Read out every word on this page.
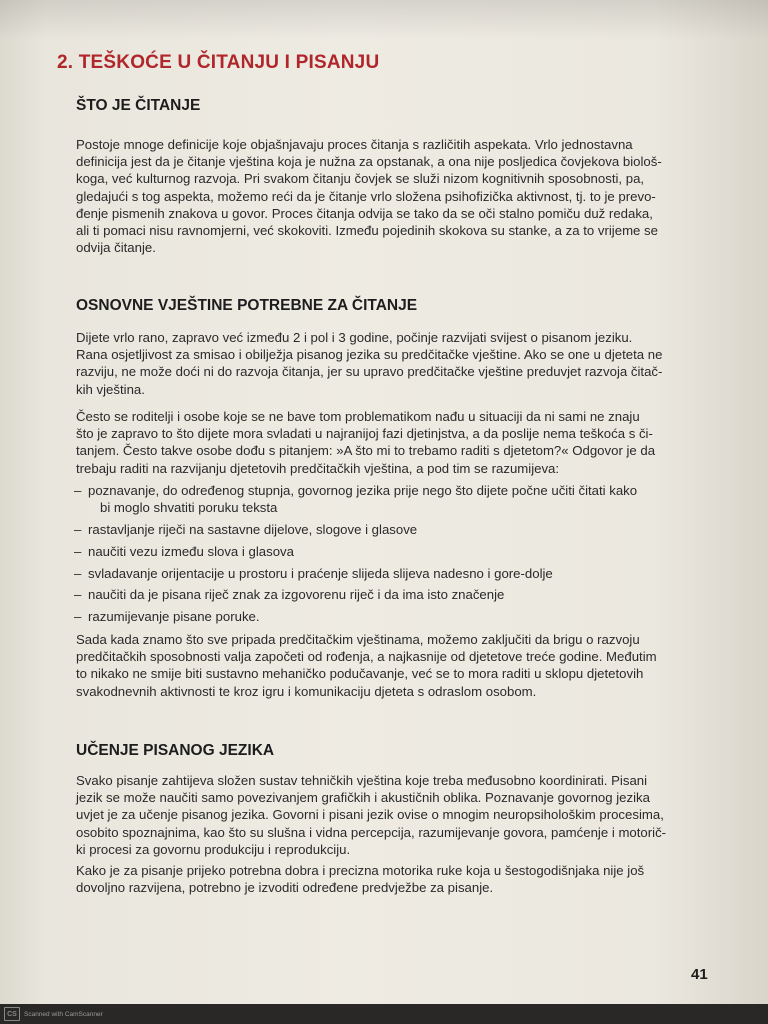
2. TEŠKOĆE U ČITANJU I PISANJU
ŠTO JE ČITANJE
Postoje mnoge definicije koje objašnjavaju proces čitanja s različitih aspekata. Vrlo jednostavna
definicija jest da je čitanje vještina koja je nužna za opstanak, a ona nije posljedica čovjekova biološ-
koga, već kulturnog razvoja. Pri svakom čitanju čovjek se služi nizom kognitivnih sposobnosti, pa,
gledajući s tog aspekta, možemo reći da je čitanje vrlo složena psihofizička aktivnost, tj. to je prevo-
đenje pismenih znakova u govor. Proces čitanja odvija se tako da se oči stalno pomiču duž redaka,
ali ti pomaci nisu ravnomjerni, već skokoviti. Između pojedinih skokova su stanke, a za to vrijeme se
odvija čitanje.
OSNOVNE VJEŠTINE POTREBNE ZA ČITANJE
Dijete vrlo rano, zapravo već između 2 i pol i 3 godine, počinje razvijati svijest o pisanom jeziku.
Rana osjetljivost za smisao i obilježja pisanog jezika su predčitačke vještine. Ako se one u djeteta ne
razviju, ne može doći ni do razvoja čitanja, jer su upravo predčitačke vještine preduvjet razvoja čitač-
kih vještina.
Često se roditelji i osobe koje se ne bave tom problematikom nađu u situaciji da ni sami ne znaju
što je zapravo to što dijete mora svladati u najranijoj fazi djetinjstva, a da poslije nema teškoća s či-
tanjem. Često takve osobe dođu s pitanjem: »A što mi to trebamo raditi s djetetom?« Odgovor je da
trebaju raditi na razvijanju djetetovih predčitačkih vještina, a pod tim se razumijeva:
– poznavanje, do određenog stupnja, govornog jezika prije nego što dijete počne učiti čitati kako
bi moglo shvatiti poruku teksta
– rastavljanje riječi na sastavne dijelove, slogove i glasove
– naučiti vezu između slova i glasova
– svladavanje orijentacije u prostoru i praćenje slijeda slijeva nadesno i gore-dolje
– naučiti da je pisana riječ znak za izgovorenu riječ i da ima isto značenje
– razumijevanje pisane poruke.
Sada kada znamo što sve pripada predčitačkim vještinama, možemo zaključiti da brigu o razvoju
predčitačkih sposobnosti valja započeti od rođenja, a najkasnije od djetetove treće godine. Međutim
to nikako ne smije biti sustavno mehaničko podučavanje, već se to mora raditi u sklopu djetetovih
svakodnevnih aktivnosti te kroz igru i komunikaciju djeteta s odraslom osobom.
UČENJE PISANOG JEZIKA
Svako pisanje zahtijeva složen sustav tehničkih vještina koje treba međusobno koordinirati. Pisani
jezik se može naučiti samo povezivanjem grafičkih i akustičnih oblika. Poznavanje govornog jezika
uvjet je za učenje pisanog jezika. Govorni i pisani jezik ovise o mnogim neuropsihološkim procesima,
osobito spoznajnima, kao što su slušna i vidna percepcija, razumijevanje govora, pamćenje i motorič-
ki procesi za govornu produkciju i reprodukciju.
Kako je za pisanje prijeko potrebna dobra i precizna motorika ruke koja u šestogodišnjaka nije još
dovoljno razvijena, potrebno je izvoditi određene predvježbe za pisanje.
41
CS	Scanned with CamScanner
